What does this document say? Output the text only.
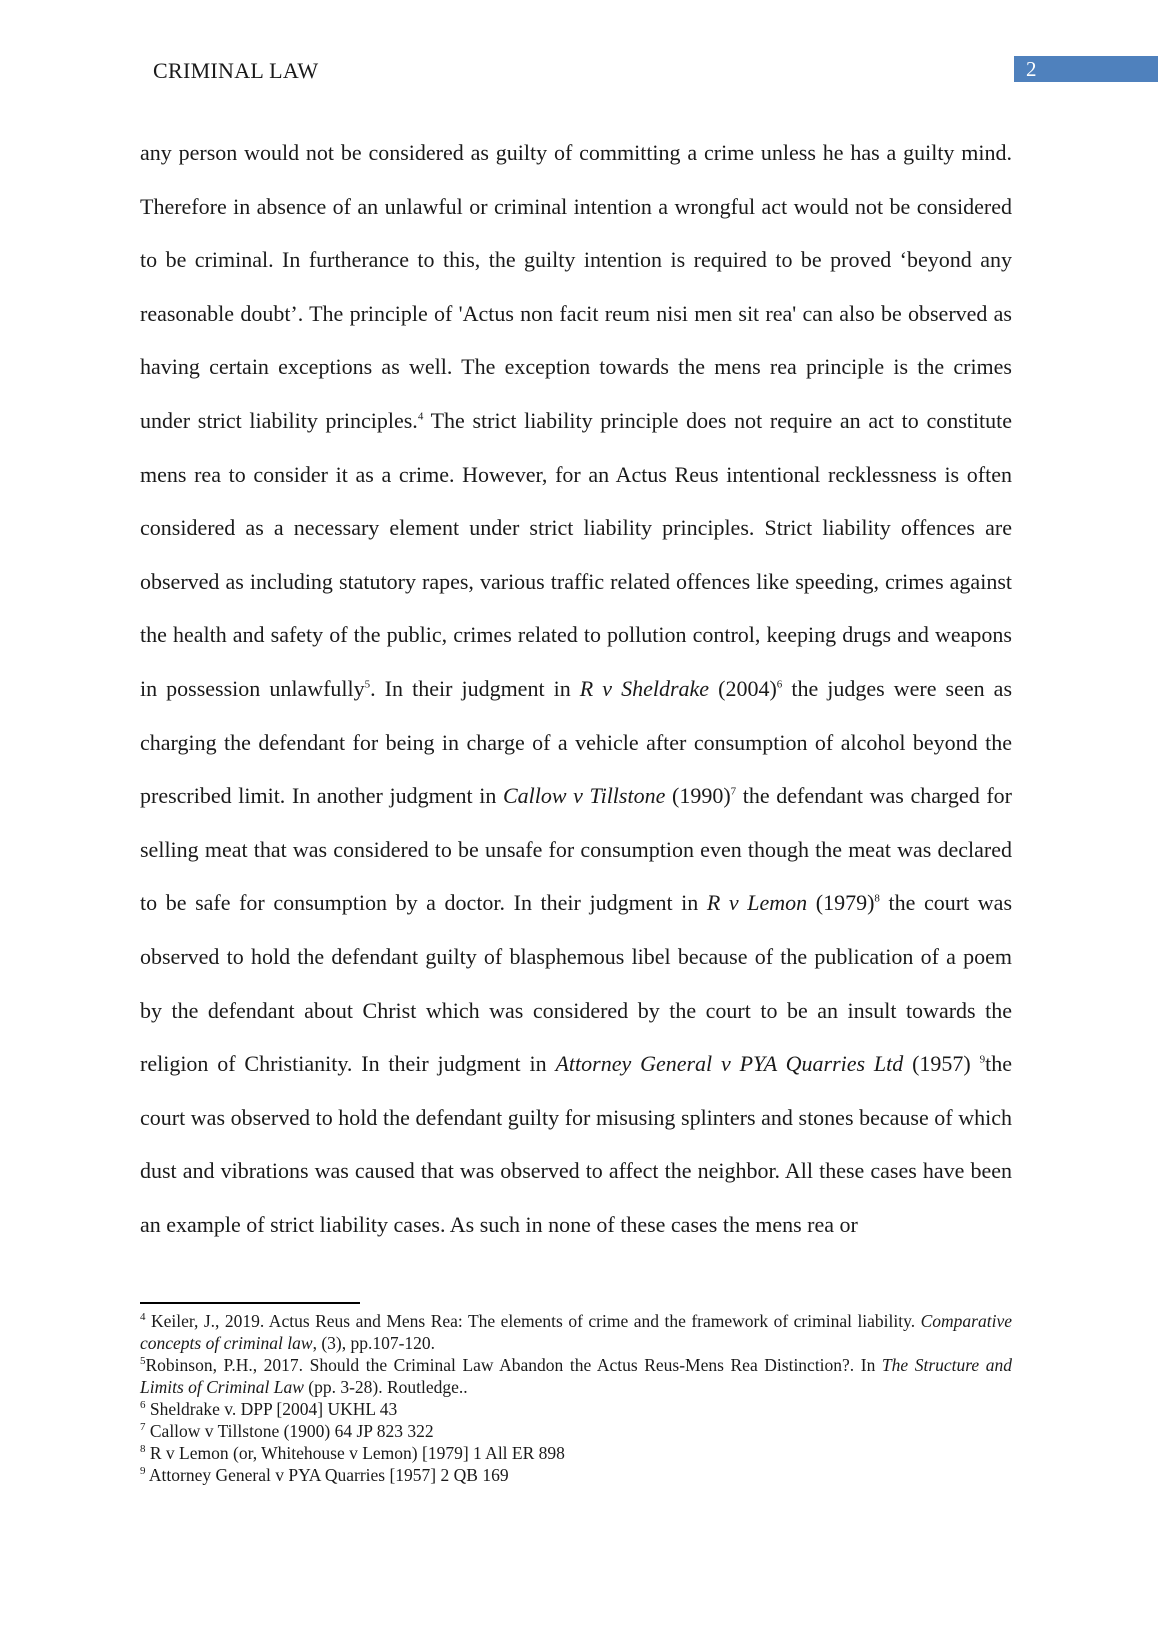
CRIMINAL LAW	2

any person would not be considered as guilty of committing a crime unless he has a guilty mind. Therefore in absence of an unlawful or criminal intention a wrongful act would not be considered to be criminal. In furtherance to this, the guilty intention is required to be proved ‘beyond any reasonable doubt’. The principle of 'Actus non facit reum nisi men sit rea' can also be observed as having certain exceptions as well. The exception towards the mens rea principle is the crimes under strict liability principles.$^4$ The strict liability principle does not require an act to constitute mens rea to consider it as a crime. However, for an Actus Reus intentional recklessness is often considered as a necessary element under strict liability principles. Strict liability offences are observed as including statutory rapes, various traffic related offences like speeding, crimes against the health and safety of the public, crimes related to pollution control, keeping drugs and weapons in possession unlawfully$^5$. In their judgment in R v Sheldrake $(2004)^6$ the judges were seen as charging the defendant for being in charge of a vehicle after consumption of alcohol beyond the prescribed limit. In another judgment in Callow v Tillstone $(1990)^7$ the defendant was charged for selling meat that was considered to be unsafe for consumption even though the meat was declared to be safe for consumption by a doctor. In their judgment in R v Lemon $(1979)^8$ the court was observed to hold the defendant guilty of blasphemous libel because of the publication of a poem by the defendant about Christ which was considered by the court to be an insult towards the religion of Christianity. In their judgment in Attorney General v PYA Quarries Ltd (1957) $^9$the court was observed to hold the defendant guilty for misusing splinters and stones because of which dust and vibrations was caused that was observed to affect the neighbor. All these cases have been an example of strict liability cases. As such in none of these cases the mens rea or

$^4$ Keiler, J., 2019. Actus Reus and Mens Rea: The elements of crime and the framework of criminal liability. Comparative concepts of criminal law, (3), pp.107-120.

$^5$Robinson, P.H., 2017. Should the Criminal Law Abandon the Actus Reus-Mens Rea Distinction?. In The Structure and Limits of Criminal Law (pp. 3-28). Routledge..

$^6$ Sheldrake v. DPP [2004] UKHL 43

$^7$ Callow v Tillstone (1900) 64 JP 823 322

$^8$ R v Lemon (or, Whitehouse v Lemon) [1979] 1 All ER 898

$^9$ Attorney General v PYA Quarries [1957] 2 QB 169
